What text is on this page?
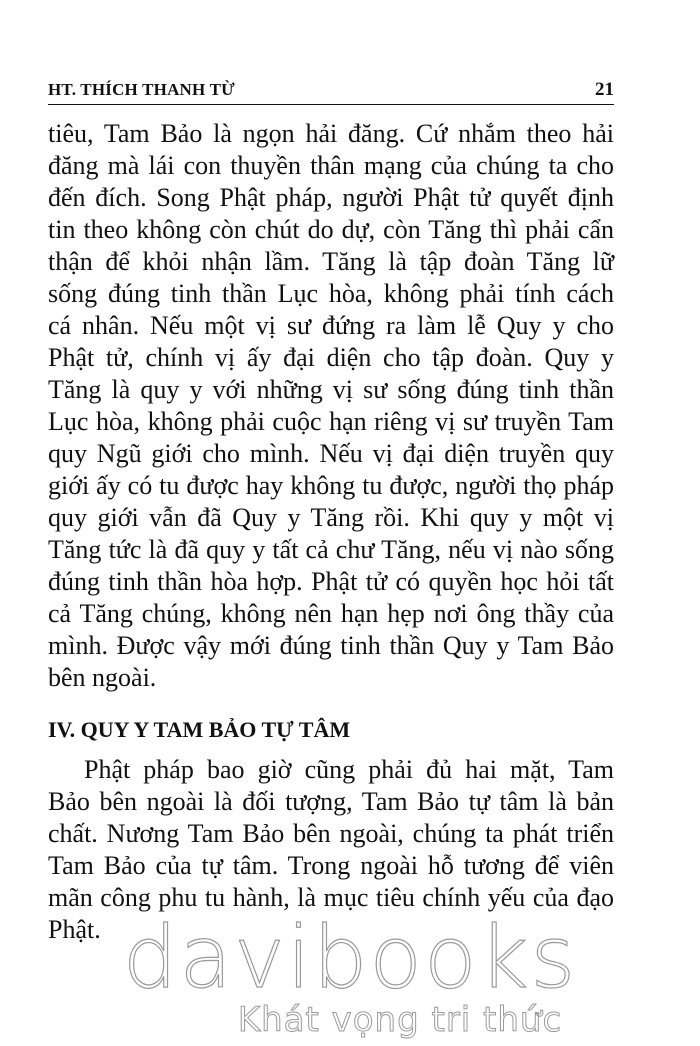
HT. THÍCH THANH TỪ	21
tiêu, Tam Bảo là ngọn hải đăng. Cứ nhắm theo hải
đăng mà lái con thuyền thân mạng của chúng ta cho
đến đích. Song Phật pháp, người Phật tử quyết định
tin theo không còn chút do dự, còn Tăng thì phải cẩn
thận để khỏi nhận lầm. Tăng là tập đoàn Tăng lữ
sống đúng tinh thần Lục hòa, không phải tính cách
cá nhân. Nếu một vị sư đứng ra làm lễ Quy y cho
Phật tử, chính vị ấy đại diện cho tập đoàn. Quy y
Tăng là quy y với những vị sư sống đúng tinh thần
Lục hòa, không phải cuộc hạn riêng vị sư truyền Tam
quy Ngũ giới cho mình. Nếu vị đại diện truyền quy
giới ấy có tu được hay không tu được, người thọ pháp
quy giới vẫn đã Quy y Tăng rồi. Khi quy y một vị
Tăng tức là đã quy y tất cả chư Tăng, nếu vị nào sống
đúng tinh thần hòa hợp. Phật tử có quyền học hỏi tất
cả Tăng chúng, không nên hạn hẹp nơi ông thầy của
mình. Được vậy mới đúng tinh thần Quy y Tam Bảo
bên ngoài.
IV. QUY Y TAM BẢO TỰ TÂM
Phật pháp bao giờ cũng phải đủ hai mặt, Tam
Bảo bên ngoài là đối tượng, Tam Bảo tự tâm là bản
chất. Nương Tam Bảo bên ngoài, chúng ta phát triển
Tam Bảo của tự tâm. Trong ngoài hỗ tương để viên
mãn công phu tu hành, là mục tiêu chính yếu của đạo
Phật. davibooks
Khát vọng tri thức
